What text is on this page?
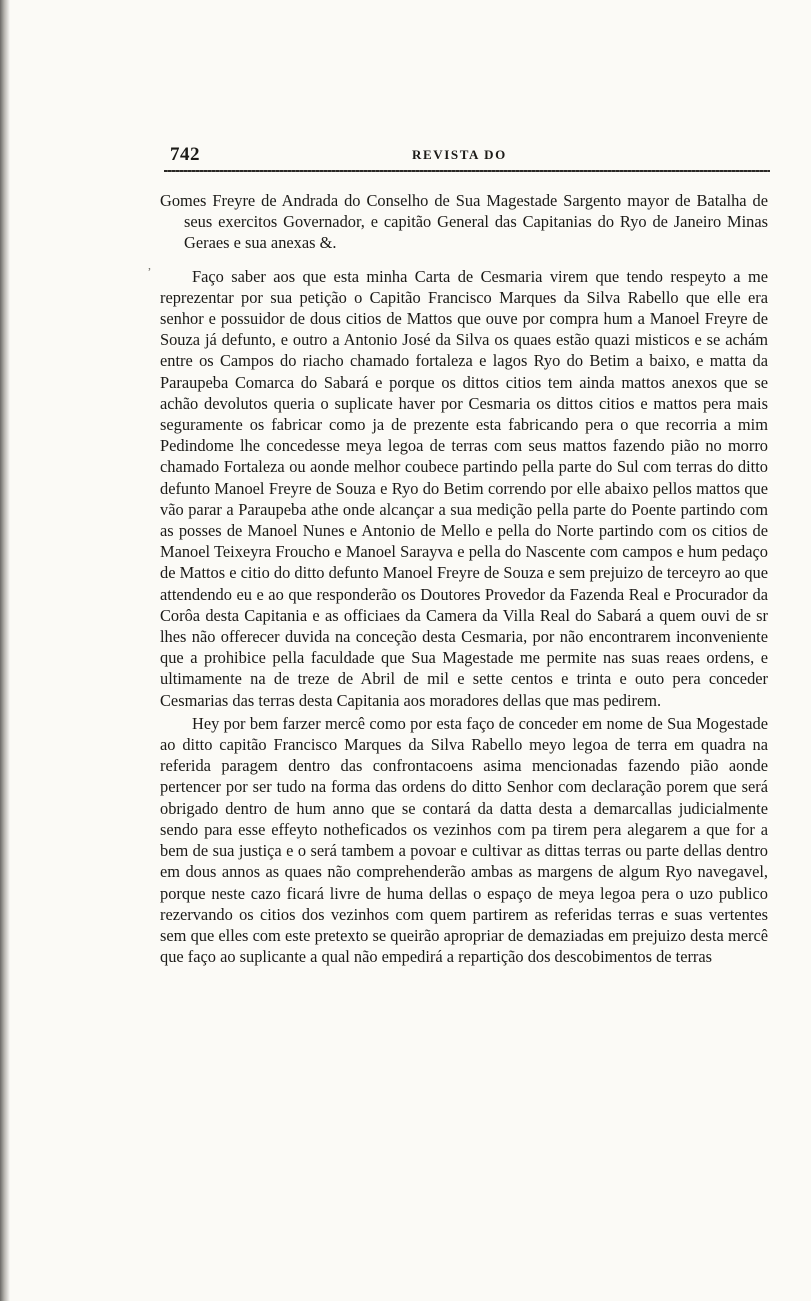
742	REVISTA DO
,

Gomes Freyre de Andrada do Conselho de Sua Magestade Sargento mayor de Batalha de seus exercitos Governador, e capitão General das Capitanias do Ryo de Janeiro Minas Geraes e sua anexas &.

Faço saber aos que esta minha Carta de Cesmaria virem que tendo respeyto a me reprezentar por sua petição o Capitão Francisco Marques da Silva Rabello que elle era senhor e possuidor de dous citios de Mattos que ouve por compra hum a Manoel Freyre de Souza já defunto, e outro a Antonio José da Silva os quaes estão quazi misticos e se achám entre os Campos do riacho chamado fortaleza e lagos Ryo do Betim a baixo, e matta da Paraupeba Comarca do Sabará e porque os dittos citios tem ainda mattos anexos que se achão devolutos queria o suplicate haver por Cesmaria os dittos citios e mattos pera mais seguramente os fabricar como ja de prezente esta fabricando pera o que recorria a mim Pedindome lhe concedesse meya legoa de terras com seus mattos fazendo pião no morro chamado Fortaleza ou aonde melhor coubece partindo pella parte do Sul com terras do ditto defunto Manoel Freyre de Souza e Ryo do Betim correndo por elle abaixo pellos mattos que vão parar a Paraupeba athe onde alcançar a sua medição pella parte do Poente partindo com as posses de Manoel Nunes e Antonio de Mello e pella do Norte partindo com os citios de Manoel Teixeyra Froucho e Manoel Sarayva e pella do Nascente com campos e hum pedaço de Mattos e citio do ditto defunto Manoel Freyre de Souza e sem prejuizo de terceyro ao que attendendo eu e ao que responderão os Doutores Provedor da Fazenda Real e Procurador da Corôa desta Capitania e as officiaes da Camera da Villa Real do Sabará a quem ouvi de sr lhes não offerecer duvida na conceção desta Cesmaria, por não encontrarem inconveniente que a prohibice pella faculdade que Sua Magestade me permite nas suas reaes ordens, e ultimamente na de treze de Abril de mil e sette centos e trinta e outo pera conceder Cesmarias das terras desta Capitania aos moradores dellas que mas pedirem.

Hey por bem farzer mercê como por esta faço de conceder em nome de Sua Mogestade ao ditto capitão Francisco Marques da Silva Rabello meyo legoa de terra em quadra na referida paragem dentro das confrontacoens asima mencionadas fazendo pião aonde pertencer por ser tudo na forma das ordens do ditto Senhor com declaração porem que será obrigado dentro de hum anno que se contará da datta desta a demarcallas judicialmente sendo para esse effeyto notheficados os vezinhos com pa tirem pera alegarem a que for a bem de sua justiça e o será tambem a povoar e cultivar as dittas terras ou parte dellas dentro em dous annos as quaes não comprehenderão ambas as margens de algum Ryo navegavel, porque neste cazo ficará livre de huma dellas o espaço de meya legoa pera o uzo publico rezervando os citios dos vezinhos com quem partirem as referidas terras e suas vertentes sem que elles com este pretexto se queirão apropriar de demaziadas em prejuizo desta mercê que faço ao suplicante a qual não empedirá a repartição dos descobimentos de terras
